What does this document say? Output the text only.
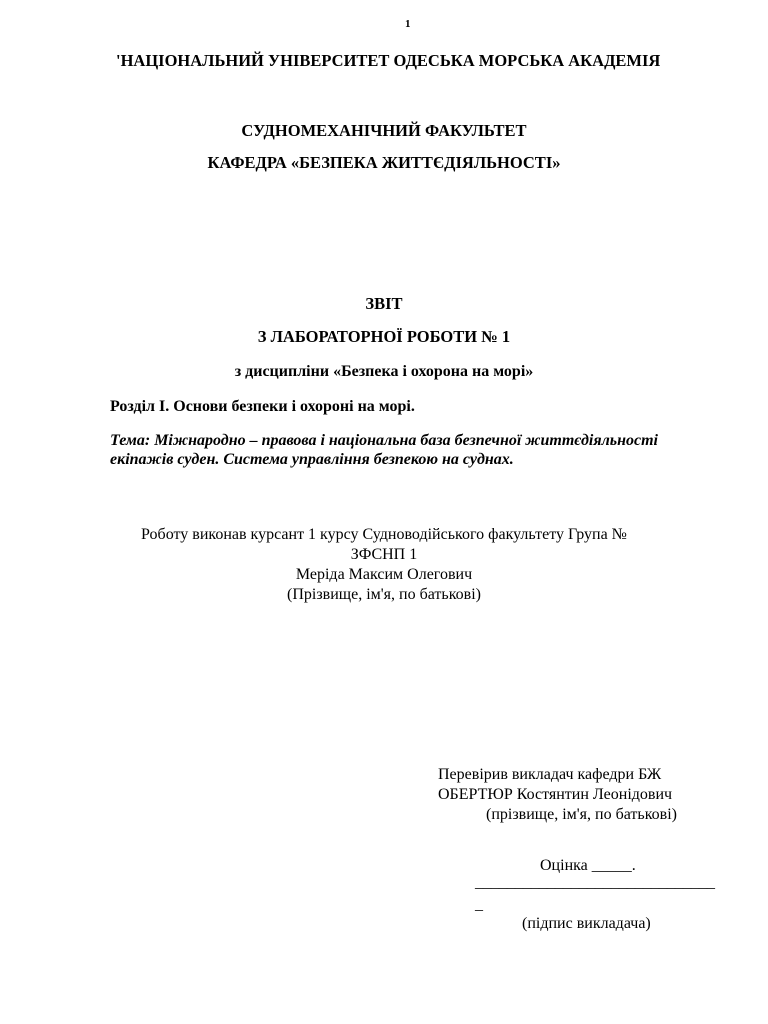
1
'НАЦІОНАЛЬНИЙ УНІВЕРСИТЕТ ОДЕСЬКА МОРСЬКА АКАДЕМІЯ
СУДНОМЕХАНІЧНИЙ ФАКУЛЬТЕТ
КАФЕДРА «БЕЗПЕКА ЖИТТЄДІЯЛЬНОСТІ»
ЗВІТ
З ЛАБОРАТОРНОЇ РОБОТИ № 1
з дисципліни «Безпека і охорона на морі»
Розділ І. Основи безпеки і охороні на морі.
Тема: Міжнародно – правова і національна база безпечної життєдіяльності екіпажів суден. Система управління безпекою на суднах.
Роботу виконав курсант 1 курсу Судноводійського факультету Група №
ЗФСНП 1
Меріда Максим Олегович
(Прізвище, ім'я, по батькові)
Перевірив викладач кафедри БЖ
ОБЕРТЮР Костянтин Леонідович
(прізвище, ім'я, по батькові)
Оцінка _____.
______________________________
_
(підпис викладача)
